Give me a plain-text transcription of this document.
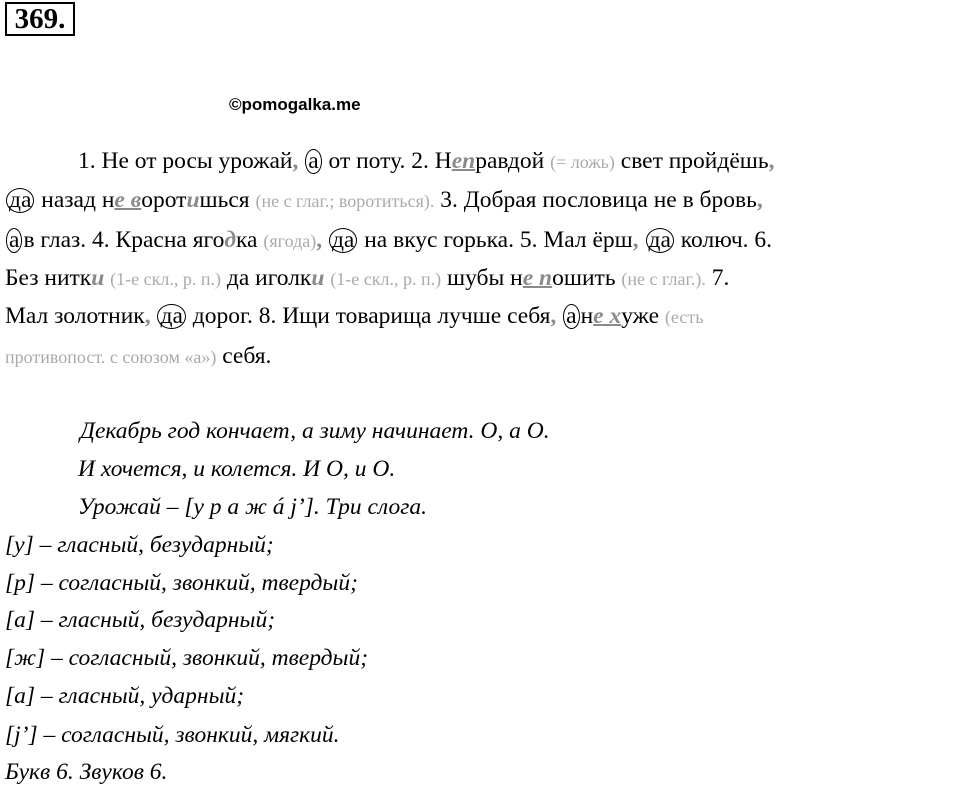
369.
©pomogalka.me
1. Не от росы урожай, а от поту. 2. Неправдой (= ложь) свет пройдёшь,
да назад не воротишься (не с глаг.; воротиться). 3. Добрая пословица не в бровь,
а в глаз. 4. Красна ягодка (ягода), да на вкус горька. 5. Мал ёрш, да колюч. 6.
Без нитки (1-е скл., р. п.) да иголки (1-е скл., р. п.) шубы не пошить (не с глаг.). 7.
Мал золотник, да дорог. 8. Ищи товарища лучше себя, а не хуже (есть
противопост. с союзом «а») себя.
Декабрь год кончает, а зиму начинает. О, а О.
И хочется, и колется. И О, и О.
Урожай – [у р а ж á j’]. Три слога.
[у] – гласный, безударный;
[р] – согласный, звонкий, твердый;
[а] – гласный, безударный;
[ж] – согласный, звонкий, твердый;
[а] – гласный, ударный;
[j’] – согласный, звонкий, мягкий.
Букв 6. Звуков 6.
